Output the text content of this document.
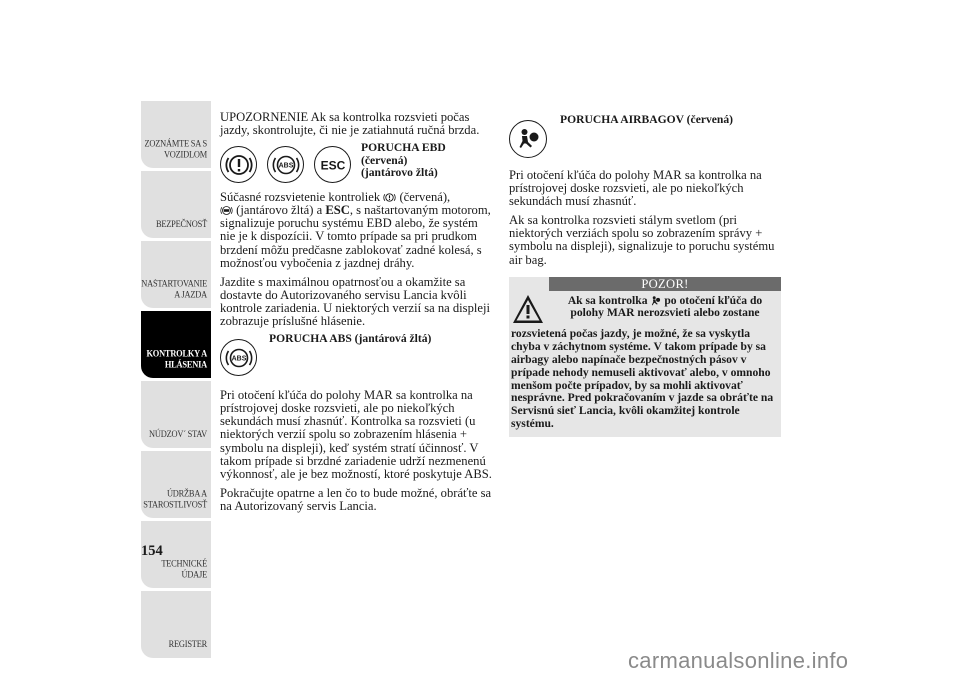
ZOZNÁMTE SA S VOZIDLOM
BEZPEČNOSŤ
NAŠTARTOVANIE A JAZDA
KONTROLKY A HLÁSENIA
NÚDZOV´ STAV
ÚDRŽBA A STAROSTLIVOSŤ
TECHNICKÉ ÚDAJE
REGISTER
154

UPOZORNENIE Ak sa kontrolka rozsvieti počas jazdy, skontrolujte, či nie je zatiahnutá ručná brzda.

ABS ESC
PORUCHA EBD (červená) (jantárovo žltá)

Súčasné rozsvietenie kontroliek (červená),
(jantárovo žltá) a ESC, s naštartovaným motorom, signalizuje poruchu systému EBD alebo, že systém nie je k dispozícii. V tomto prípade sa pri prudkom brzdení môžu predčasne zablokovať zadné kolesá, s možnosťou vybočenia z jazdnej dráhy.

Jazdite s maximálnou opatrnosťou a okamžite sa dostavte do Autorizovaného servisu Lancia kvôli kontrole zariadenia. U niektorých verzií sa na displeji zobrazuje príslušné hlásenie.

ABS
PORUCHA ABS (jantárová žltá)

Pri otočení kľúča do polohy MAR sa kontrolka na prístrojovej doske rozsvieti, ale po niekoľkých sekundách musí zhasnúť. Kontrolka sa rozsvieti (u niektorých verzií spolu so zobrazením hlásenia + symbolu na displeji), keď systém stratí účinnosť. V takom prípade si brzdné zariadenie udrží nezmenenú výkonnosť, ale je bez možností, ktoré poskytuje ABS.

Pokračujte opatrne a len čo to bude možné, obráťte sa na Autorizovaný servis Lancia.

PORUCHA AIRBAGOV (červená)

Pri otočení kľúča do polohy MAR sa kontrolka na prístrojovej doske rozsvieti, ale po niekoľkých sekundách musí zhasnúť.

Ak sa kontrolka rozsvieti stálym svetlom (pri niektorých verziách spolu so zobrazením správy + symbolu na displeji), signalizuje to poruchu systému air bag.

POZOR!
Ak sa kontrolka po otočení kľúča do polohy MAR nerozsvieti alebo zostane
rozsvietená počas jazdy, je možné, že sa vyskytla chyba v záchytnom systéme. V takom prípade by sa airbagy alebo napínače bezpečnostných pásov v prípade nehody nemuseli aktivovať alebo, v omnoho menšom počte prípadov, by sa mohli aktivovať nesprávne. Pred pokračovaním v jazde sa obráťte na Servisnú sieť Lancia, kvôli okamžitej kontrole systému.
carmanualsonline.info
